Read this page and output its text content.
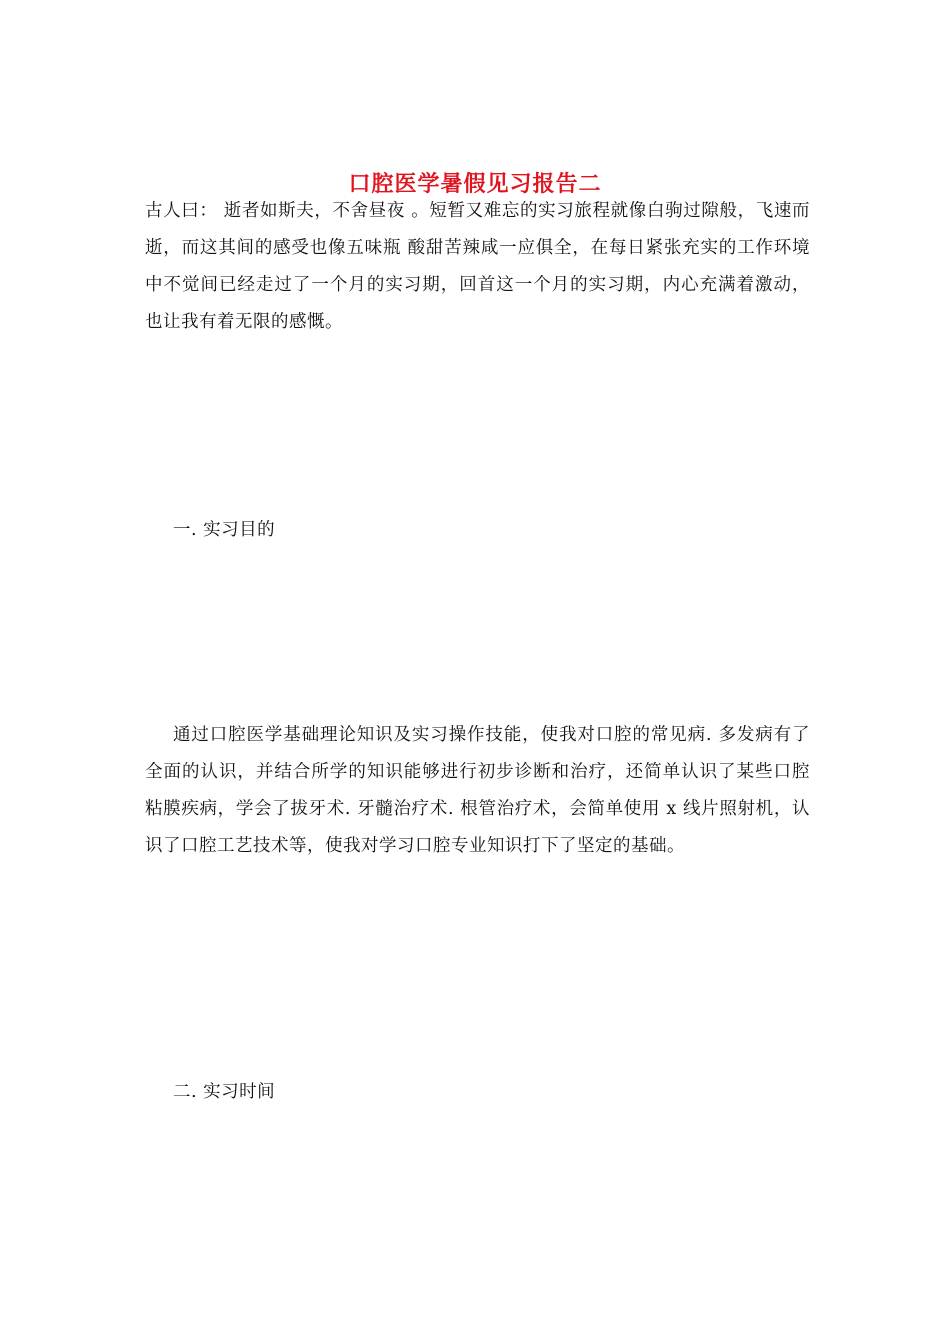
口腔医学暑假见习报告二

古人曰： 逝者如斯夫，不舍昼夜 。短暂又难忘的实习旅程就像白驹过隙般，飞速而逝，而这其间的感受也像五味瓶 酸甜苦辣咸一应俱全，在每日紧张充实的工作环境中不觉间已经走过了一个月的实习期，回首这一个月的实习期，内心充满着激动，也让我有着无限的感慨。

一. 实习目的

通过口腔医学基础理论知识及实习操作技能，使我对口腔的常见病. 多发病有了全面的认识，并结合所学的知识能够进行初步诊断和治疗，还简单认识了某些口腔粘膜疾病，学会了拔牙术. 牙髓治疗术. 根管治疗术，会简单使用 x 线片照射机，认识了口腔工艺技术等，使我对学习口腔专业知识打下了坚定的基础。

二. 实习时间
